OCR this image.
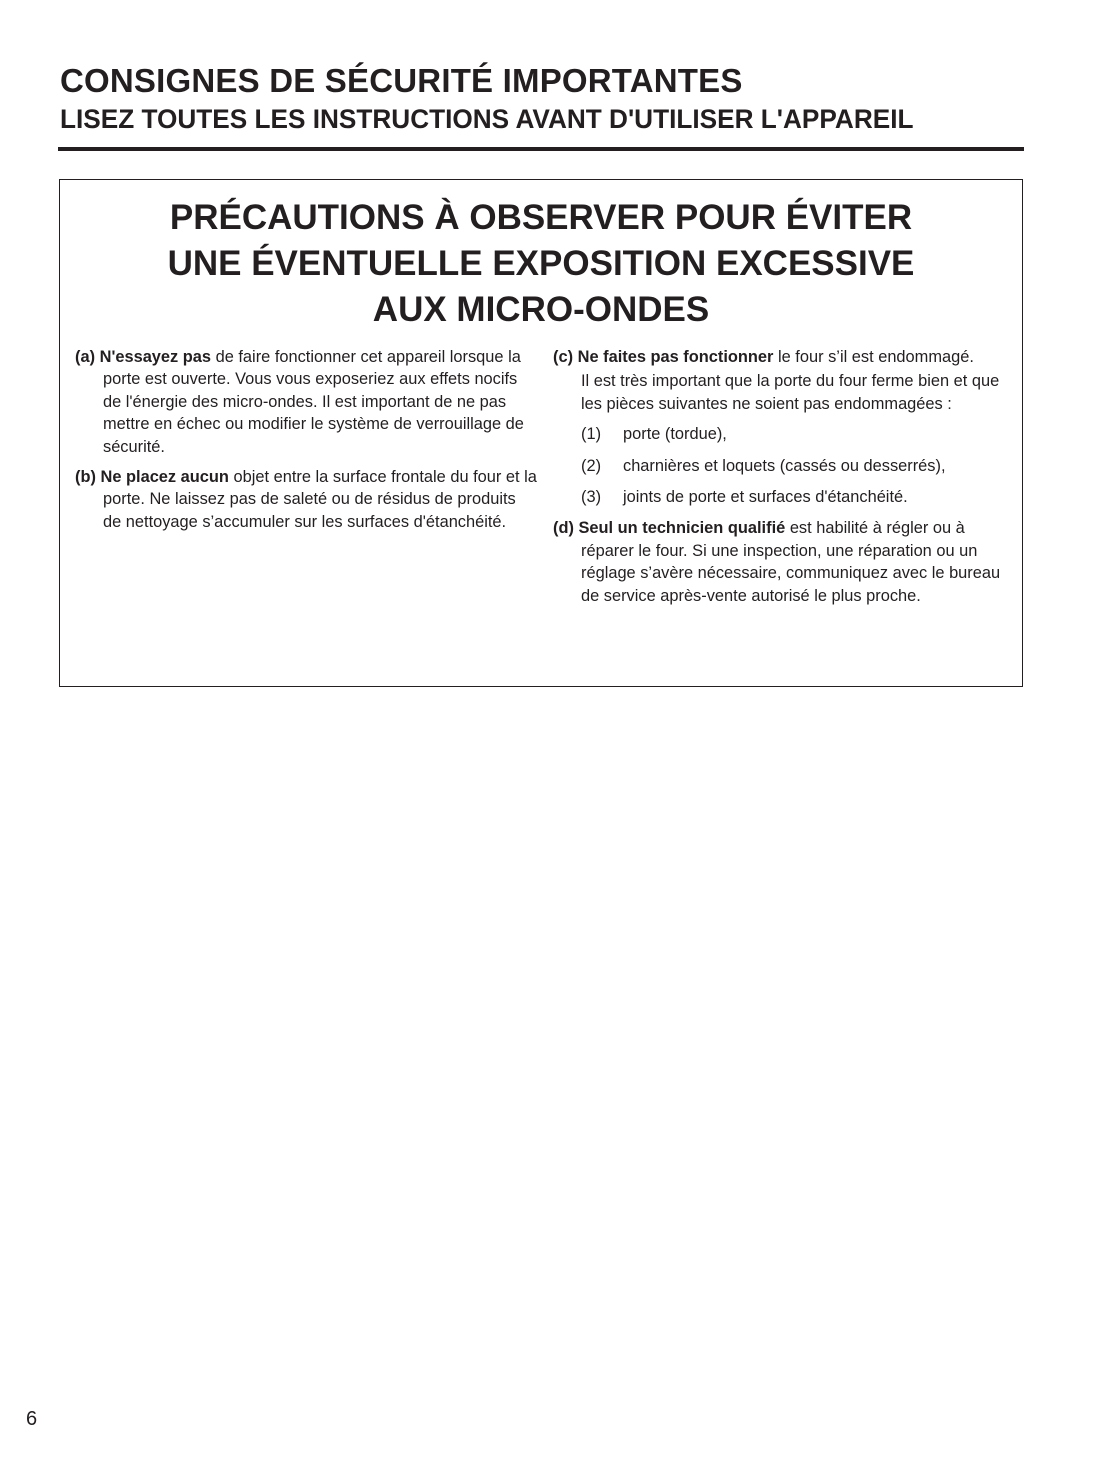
CONSIGNES DE SÉCURITÉ IMPORTANTES
LISEZ TOUTES LES INSTRUCTIONS AVANT D'UTILISER L'APPAREIL
PRÉCAUTIONS À OBSERVER POUR ÉVITER
UNE ÉVENTUELLE EXPOSITION EXCESSIVE
AUX MICRO-ONDES

(a) N'essayez pas de faire fonctionner cet appareil lorsque la porte est ouverte. Vous vous exposeriez aux effets nocifs de l'énergie des micro-ondes. Il est important de ne pas mettre en échec ou modifier le système de verrouillage de sécurité.

(b) Ne placez aucun objet entre la surface frontale du four et la porte. Ne laissez pas de saleté ou de résidus de produits de nettoyage s’accumuler sur les surfaces d'étanchéité.

(c) Ne faites pas fonctionner le four s’il est endommagé.

Il est très important que la porte du four ferme bien et que les pièces suivantes ne soient pas endommagées :

(1)	porte (tordue),
(2)	charnières et loquets (cassés ou desserrés),
(3)	joints de porte et surfaces d'étanchéité.

(d) Seul un technicien qualifié est habilité à régler ou à réparer le four. Si une inspection, une réparation ou un réglage s’avère nécessaire, communiquez avec le bureau de service après-vente autorisé le plus proche.

6
